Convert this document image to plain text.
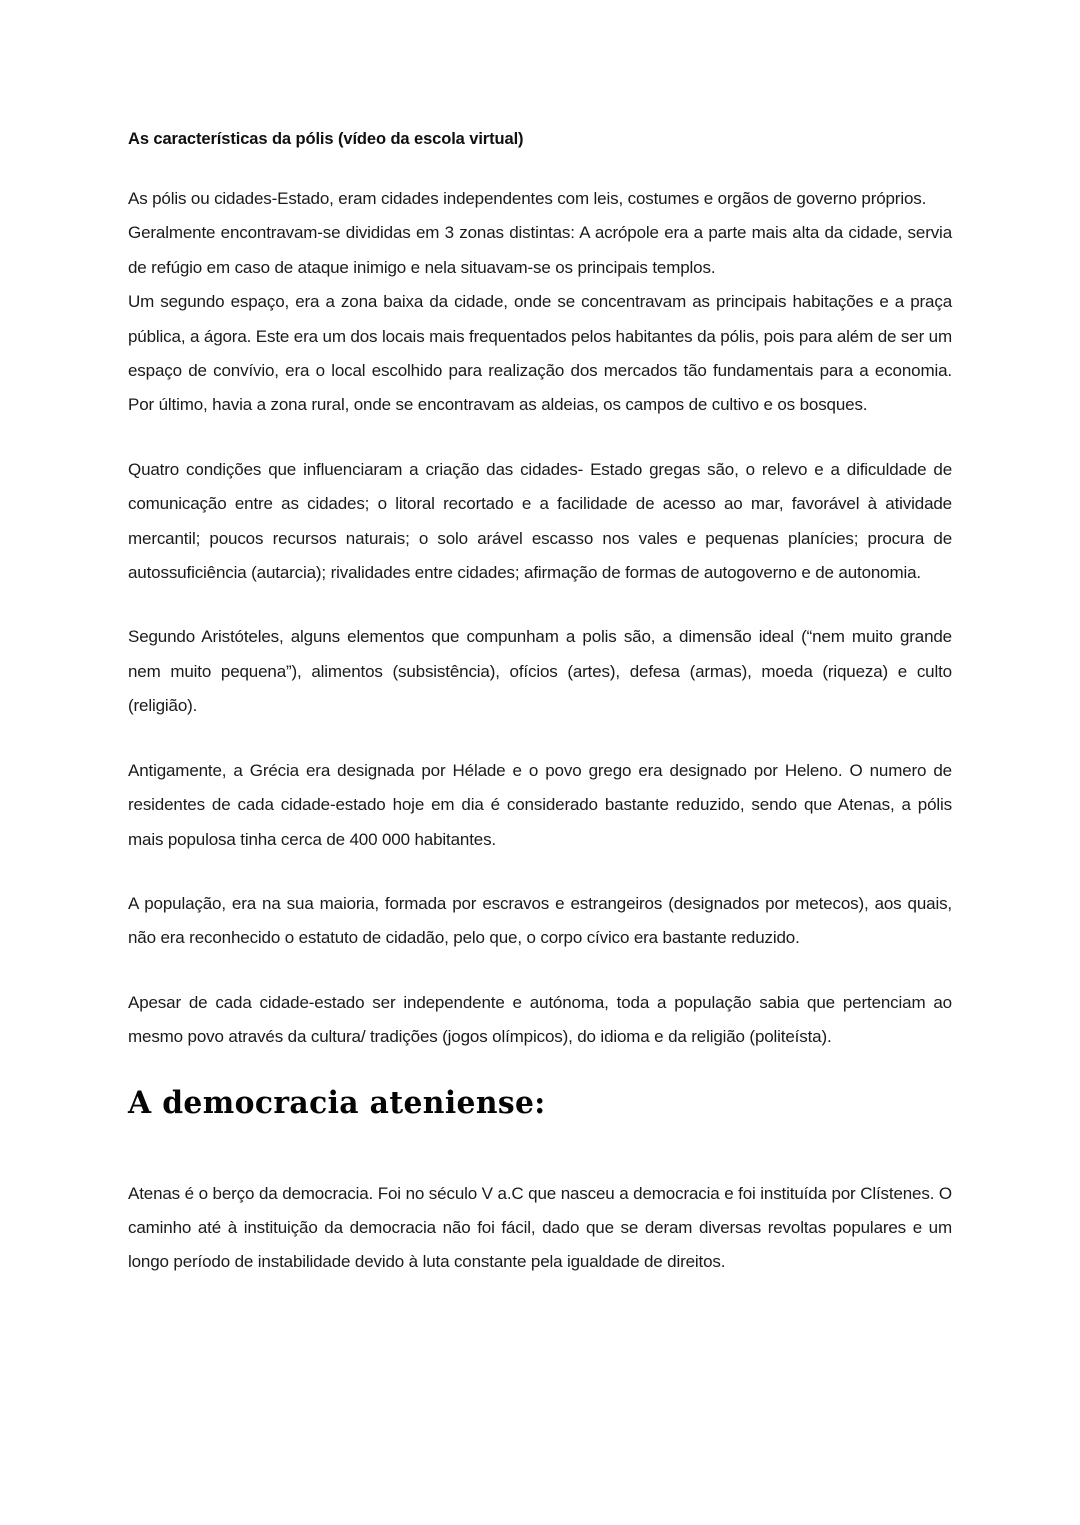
As características da pólis (vídeo da escola virtual)

As pólis ou cidades-Estado, eram cidades independentes com leis, costumes e orgãos de governo próprios.

Geralmente encontravam-se divididas em 3 zonas distintas: A acrópole era a parte mais alta da cidade, servia de refúgio em caso de ataque inimigo e nela situavam-se os principais templos.

Um segundo espaço, era a zona baixa da cidade, onde se concentravam as principais habitações e a praça pública, a ágora. Este era um dos locais mais frequentados pelos habitantes da pólis, pois para além de ser um espaço de convívio, era o local escolhido para realização dos mercados tão fundamentais para a economia. Por último, havia a zona rural, onde se encontravam as aldeias, os campos de cultivo e os bosques.

Quatro condições que influenciaram a criação das cidades- Estado gregas são, o relevo e a dificuldade de comunicação entre as cidades; o litoral recortado e a facilidade de acesso ao mar, favorável à atividade mercantil; poucos recursos naturais; o solo arável escasso nos vales e pequenas planícies; procura de autossuficiência (autarcia); rivalidades entre cidades; afirmação de formas de autogoverno e de autonomia.

Segundo Aristóteles, alguns elementos que compunham a polis são, a dimensão ideal (“nem muito grande nem muito pequena”), alimentos (subsistência), ofícios (artes), defesa (armas), moeda (riqueza) e culto (religião).

Antigamente, a Grécia era designada por Hélade e o povo grego era designado por Heleno. O numero de residentes de cada cidade-estado hoje em dia é considerado bastante reduzido, sendo que Atenas, a pólis mais populosa tinha cerca de 400 000 habitantes.

A população, era na sua maioria, formada por escravos e estrangeiros (designados por metecos), aos quais, não era reconhecido o estatuto de cidadão, pelo que, o corpo cívico era bastante reduzido.

Apesar de cada cidade-estado ser independente e autónoma, toda a população sabia que pertenciam ao mesmo povo através da cultura/ tradições (jogos olímpicos), do idioma e da religião (politeísta).

A democracia ateniense:

Atenas é o berço da democracia. Foi no século V a.C que nasceu a democracia e foi instituída por Clístenes. O caminho até à instituição da democracia não foi fácil, dado que se deram diversas revoltas populares e um longo período de instabilidade devido à luta constante pela igualdade de direitos.
